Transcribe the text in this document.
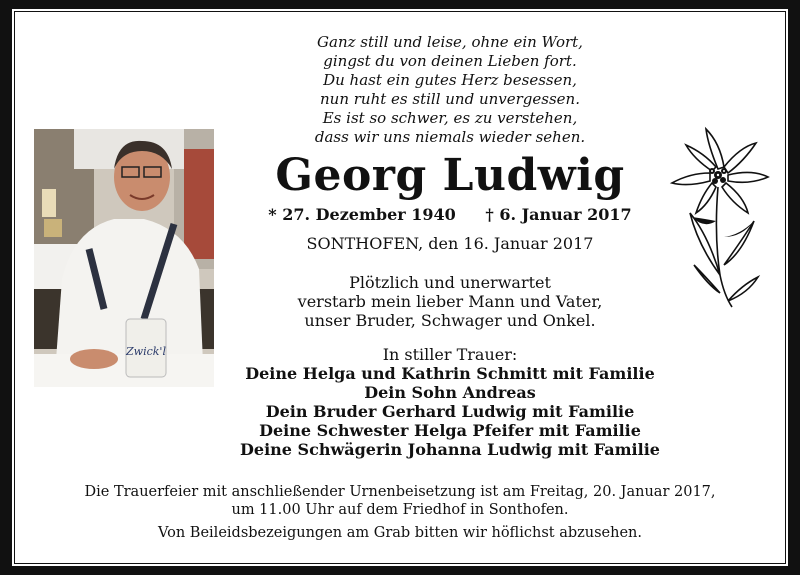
Ganz still und leise, ohne ein Wort,
gingst du von deinen Lieben fort.
Du hast ein gutes Herz besessen,
nun ruht es still und unvergessen.
Es ist so schwer, es zu verstehen,
dass wir uns niemals wieder sehen.
Zwick'l
Georg Ludwig
* 27. Dezember 1940 † 6. Januar 2017
SONTHOFEN, den 16. Januar 2017
Plötzlich und unerwartet
verstarb mein lieber Mann und Vater,
unser Bruder, Schwager und Onkel.
In stiller Trauer:
Deine Helga und Kathrin Schmitt mit Familie
Dein Sohn Andreas
Dein Bruder Gerhard Ludwig mit Familie
Deine Schwester Helga Pfeifer mit Familie
Deine Schwägerin Johanna Ludwig mit Familie
Die Trauerfeier mit anschließender Urnenbeisetzung ist am Freitag, 20. Januar 2017,
um 11.00 Uhr auf dem Friedhof in Sonthofen.
Von Beileidsbezeigungen am Grab bitten wir höflichst abzusehen.
